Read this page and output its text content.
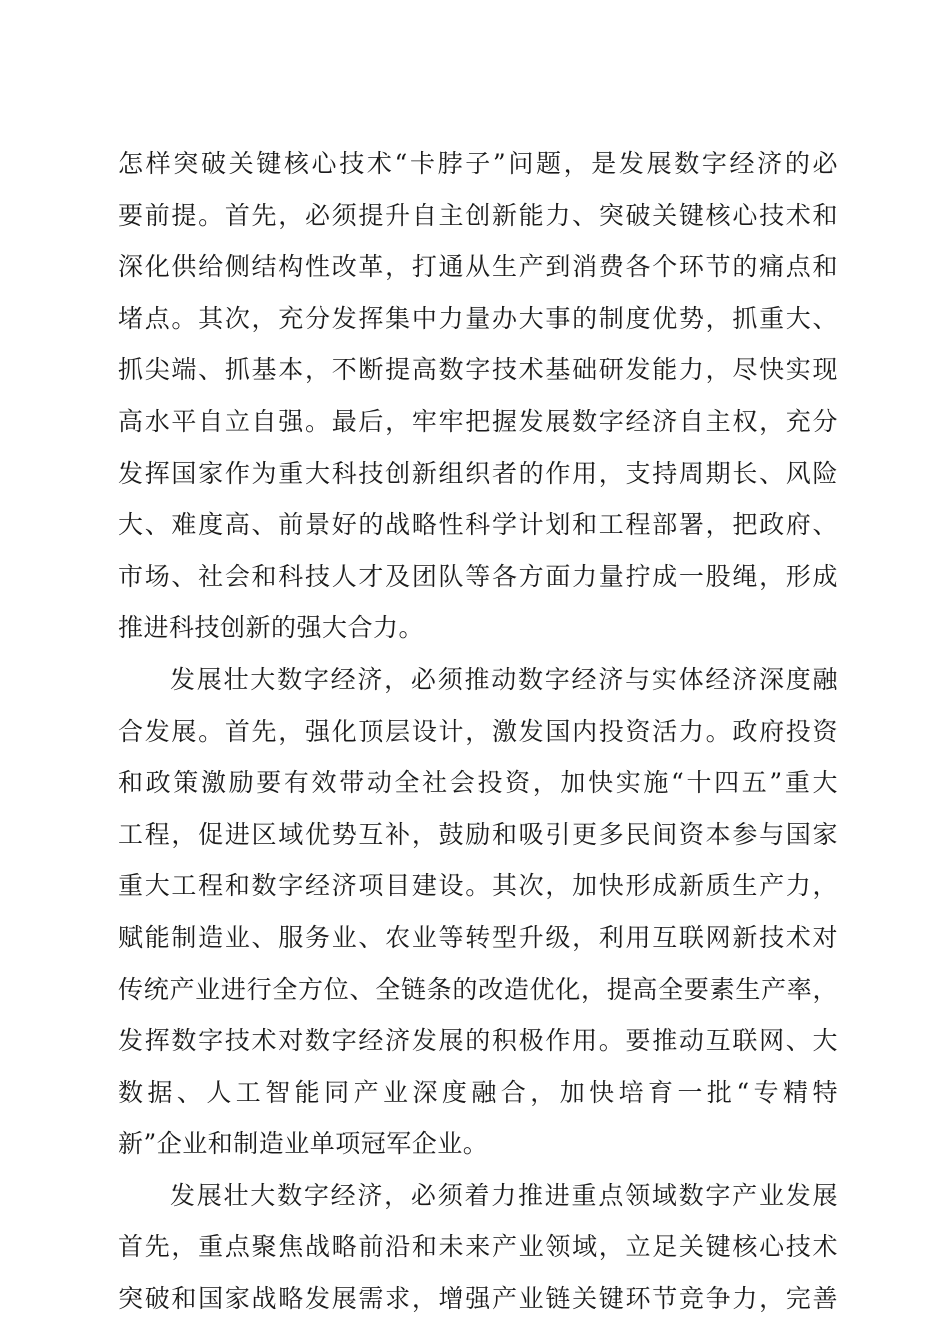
怎样突破关键核心技术“卡脖子”问题，是发展数字经济的必
要前提。首先，必须提升自主创新能力、突破关键核心技术和
深化供给侧结构性改革，打通从生产到消费各个环节的痛点和
堵点。其次，充分发挥集中力量办大事的制度优势，抓重大、
抓尖端、抓基本，不断提高数字技术基础研发能力，尽快实现
高水平自立自强。最后，牢牢把握发展数字经济自主权，充分
发挥国家作为重大科技创新组织者的作用，支持周期长、风险
大、难度高、前景好的战略性科学计划和工程部署，把政府、
市场、社会和科技人才及团队等各方面力量拧成一股绳，形成
推进科技创新的强大合力。
发展壮大数字经济，必须推动数字经济与实体经济深度融
合发展。首先，强化顶层设计，激发国内投资活力。政府投资
和政策激励要有效带动全社会投资，加快实施“十四五”重大
工程，促进区域优势互补，鼓励和吸引更多民间资本参与国家
重大工程和数字经济项目建设。其次，加快形成新质生产力，
赋能制造业、服务业、农业等转型升级，利用互联网新技术对
传统产业进行全方位、全链条的改造优化，提高全要素生产率，
发挥数字技术对数字经济发展的积极作用。要推动互联网、大
数据、人工智能同产业深度融合，加快培育一批“专精特
新”企业和制造业单项冠军企业。
发展壮大数字经济，必须着力推进重点领域数字产业发展
首先，重点聚焦战略前沿和未来产业领域，立足关键核心技术
突破和国家战略发展需求，增强产业链关键环节竞争力，完善
